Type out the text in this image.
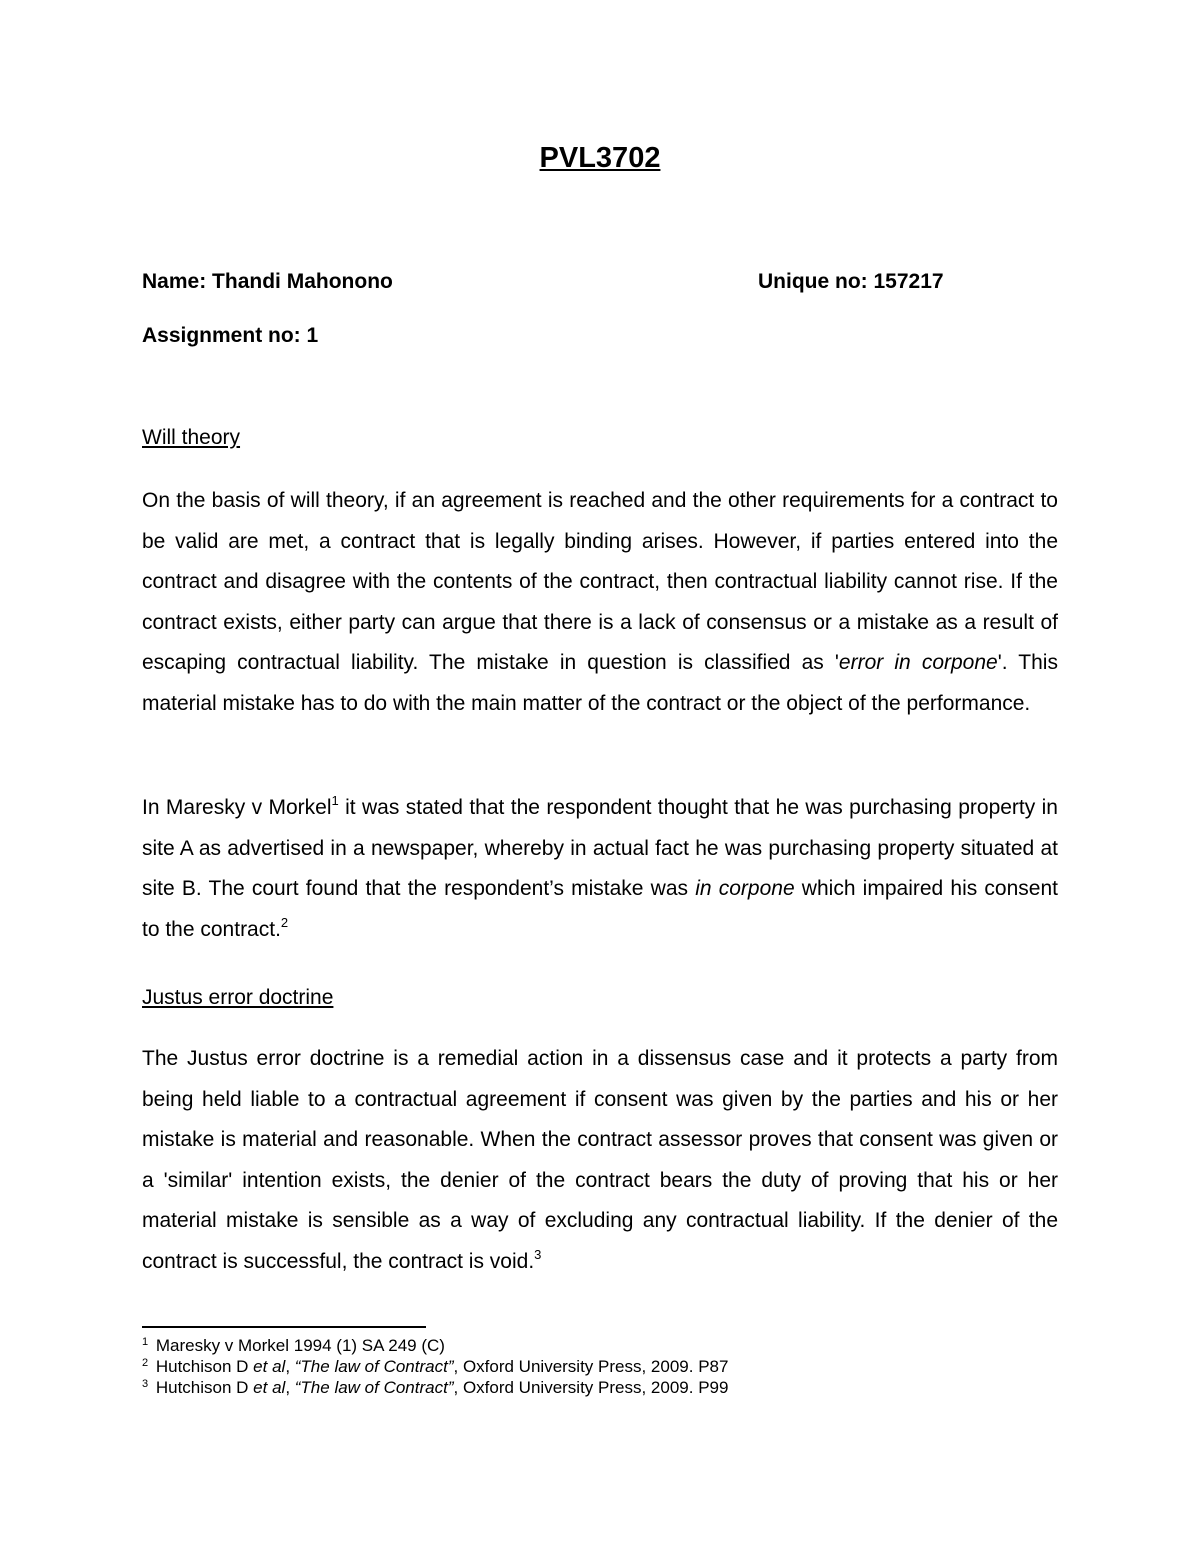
PVL3702
Name: Thandi Mahonono	Unique no: 157217
Assignment no: 1
Will theory

On the basis of will theory, if an agreement is reached and the other requirements for a contract to be valid are met, a contract that is legally binding arises. However, if parties entered into the contract and disagree with the contents of the contract, then contractual liability cannot rise. If the contract exists, either party can argue that there is a lack of consensus or a mistake as a result of escaping contractual liability. The mistake in question is classified as 'error in corpone'. This material mistake has to do with the main matter of the contract or the object of the performance.

In Maresky v Morkel$^1$ it was stated that the respondent thought that he was purchasing property in site A as advertised in a newspaper, whereby in actual fact he was purchasing property situated at site B. The court found that the respondent’s mistake was in corpone which impaired his consent to the contract.$^2$

Justus error doctrine

The Justus error doctrine is a remedial action in a dissensus case and it protects a party from being held liable to a contractual agreement if consent was given by the parties and his or her mistake is material and reasonable. When the contract assessor proves that consent was given or a 'similar' intention exists, the denier of the contract bears the duty of proving that his or her material mistake is sensible as a way of excluding any contractual liability. If the denier of the contract is successful, the contract is void.$^3$

$^1$ Maresky v Morkel 1994 (1) SA 249 (C)

$^2$ Hutchison D et al, “The law of Contract”, Oxford University Press, 2009. P87

$^3$ Hutchison D et al, “The law of Contract”, Oxford University Press, 2009. P99
